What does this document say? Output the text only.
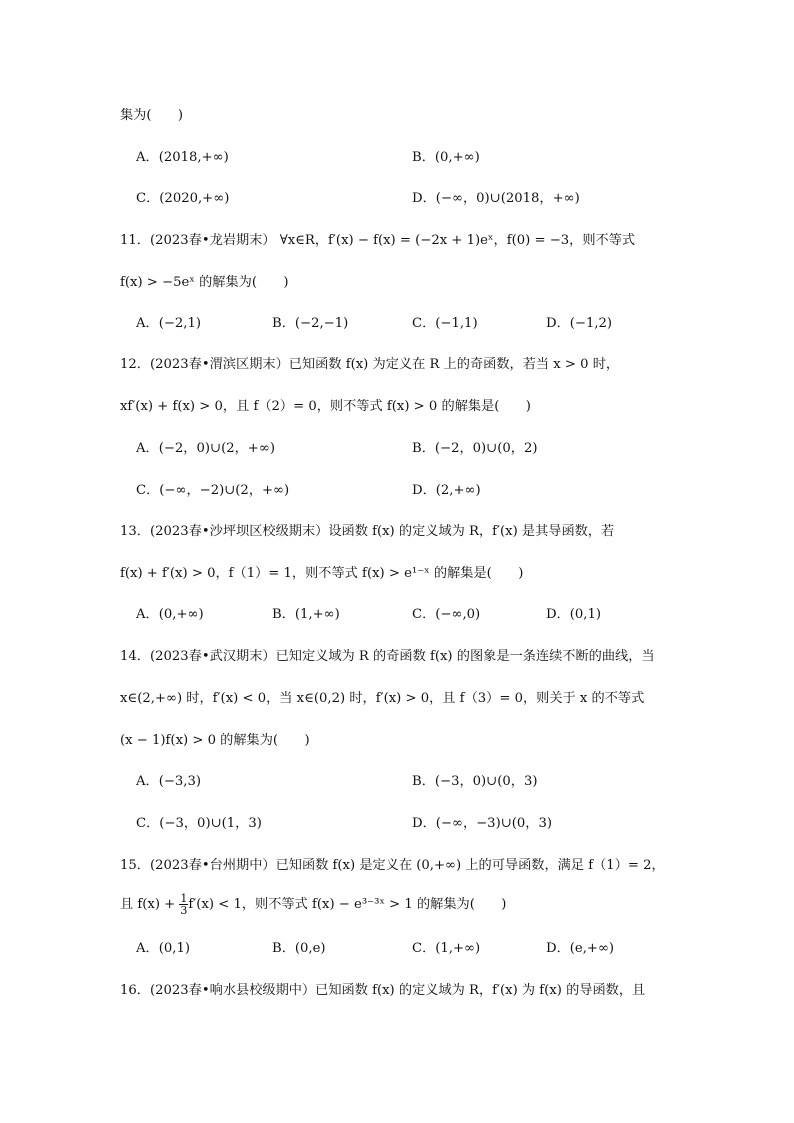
集为(　　)
11．(2023春•龙岩期末） ∀x∈R，f′(x) − f(x) = (−2x + 1)eˣ，f(0) = −3，则不等式
f(x) > −5eˣ 的解集为(　　)
12．(2023春•渭滨区期末）已知函数 f(x) 为定义在 R 上的奇函数，若当 x > 0 时，
xf′(x) + f(x) > 0，且 f（2）= 0，则不等式 f(x) > 0 的解集是(　　)
13．(2023春•沙坪坝区校级期末）设函数 f(x) 的定义域为 R，f′(x) 是其导函数，若
f(x) + f′(x) > 0，f（1）= 1，则不等式 f(x) > e¹⁻ˣ 的解集是(　　)
14．(2023春•武汉期末）已知定义域为 R 的奇函数 f(x) 的图象是一条连续不断的曲线，当
x∈(2,+∞) 时，f′(x) < 0，当 x∈(0,2) 时，f′(x) > 0，且 f（3）= 0，则关于 x 的不等式
(x − 1)f(x) > 0 的解集为(　　)
15．(2023春•台州期中）已知函数 f(x) 是定义在 (0,+∞) 上的可导函数，满足 f（1）= 2，
16．(2023春•响水县校级期中）已知函数 f(x) 的定义域为 R，f′(x) 为 f(x) 的导函数，且
且 $f(x) + \frac{1}{3} f'(x) < 1$，则不等式 f(x) − e³⁻³ˣ > 1 的解集为(　　)
A．(2018,+∞)	B．(0,+∞)
C．(2020,+∞)	D．(−∞，0)∪(2018，+∞)
A．(−2,1)	B．(−2,−1)	C．(−1,1)	D．(−1,2)
A．(−2，0)∪(2，+∞)	B．(−2，0)∪(0，2)
C．(−∞，−2)∪(2，+∞)	D．(2,+∞)
A．(0,+∞)	B．(1,+∞)	C．(−∞,0)	D．(0,1)
A．(−3,3)	B．(−3，0)∪(0，3)
C．(−3，0)∪(1，3)	D．(−∞，−3)∪(0，3)
A．(0,1)	B．(0,e)	C．(1,+∞)	D．(e,+∞)
